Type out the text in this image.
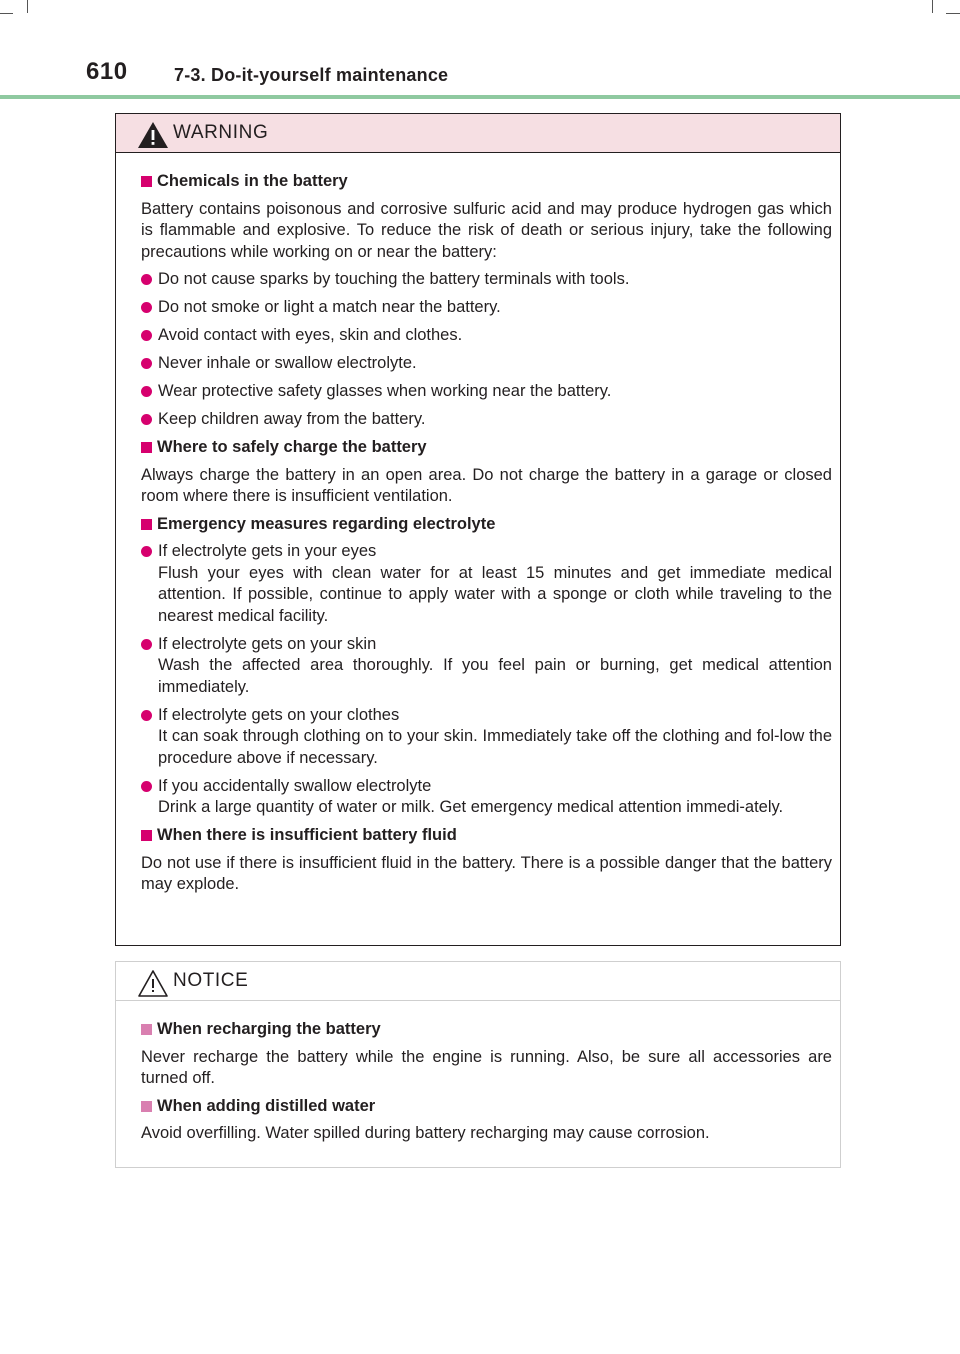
610	7-3. Do-it-yourself maintenance
WARNING
Chemicals in the battery
Battery contains poisonous and corrosive sulfuric acid and may produce hydrogen gas which is flammable and explosive. To reduce the risk of death or serious injury, take the following precautions while working on or near the battery:
Do not cause sparks by touching the battery terminals with tools.
Do not smoke or light a match near the battery.
Avoid contact with eyes, skin and clothes.
Never inhale or swallow electrolyte.
Wear protective safety glasses when working near the battery.
Keep children away from the battery.
Where to safely charge the battery
Always charge the battery in an open area. Do not charge the battery in a garage or closed room where there is insufficient ventilation.
Emergency measures regarding electrolyte
If electrolyte gets in your eyes
Flush your eyes with clean water for at least 15 minutes and get immediate medical attention. If possible, continue to apply water with a sponge or cloth while traveling to the nearest medical facility.
If electrolyte gets on your skin
Wash the affected area thoroughly. If you feel pain or burning, get medical attention immediately.
If electrolyte gets on your clothes
It can soak through clothing on to your skin. Immediately take off the clothing and fol-low the procedure above if necessary.
If you accidentally swallow electrolyte
Drink a large quantity of water or milk. Get emergency medical attention immedi-ately.
When there is insufficient battery fluid
Do not use if there is insufficient fluid in the battery. There is a possible danger that the battery may explode.
NOTICE
When recharging the battery
Never recharge the battery while the engine is running. Also, be sure all accessories are turned off.
When adding distilled water
Avoid overfilling. Water spilled during battery recharging may cause corrosion.
